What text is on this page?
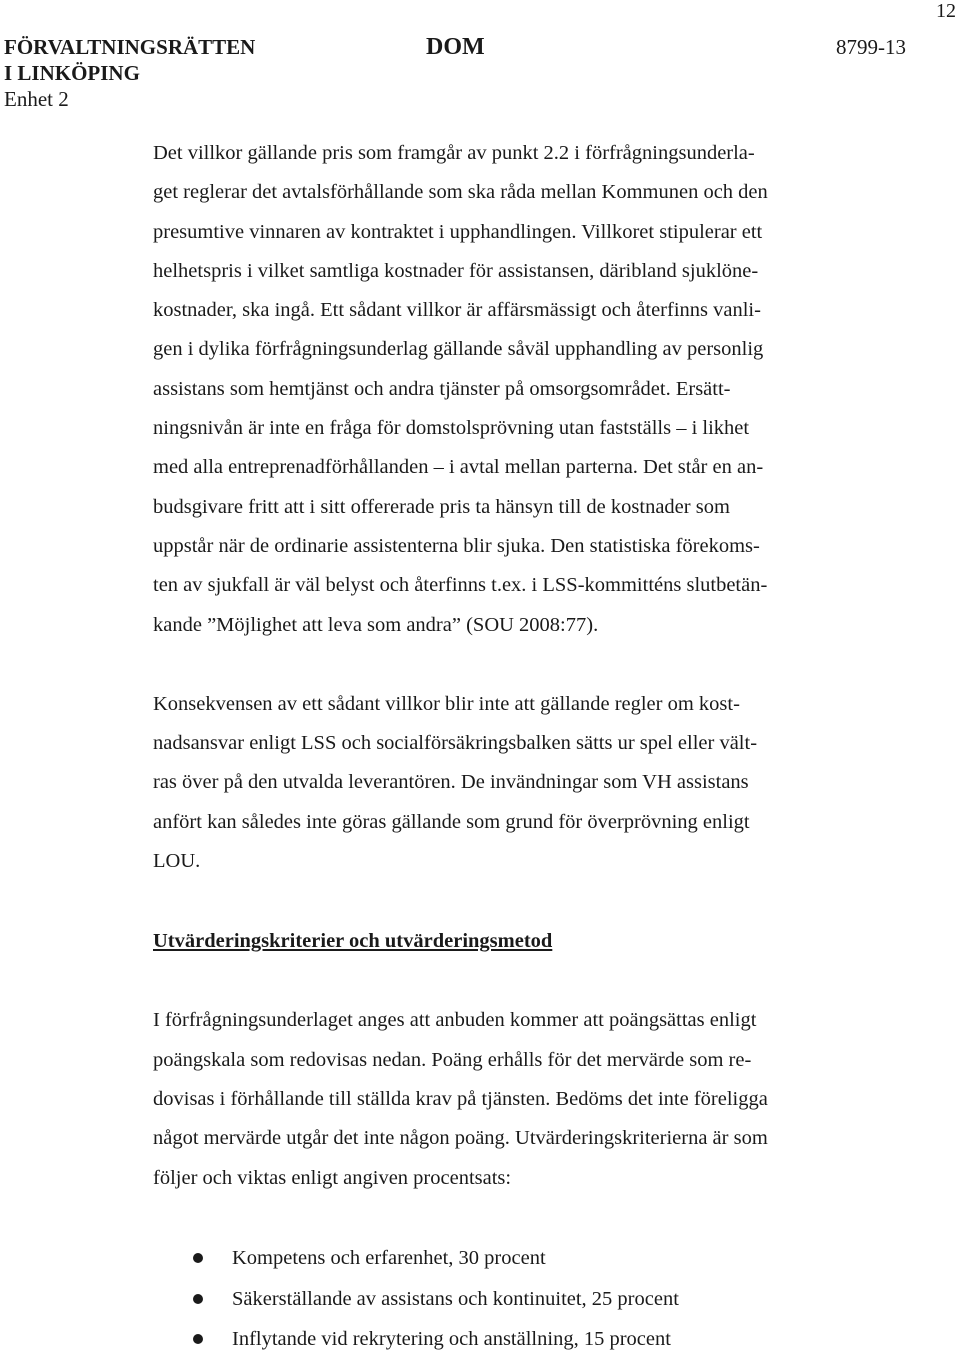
12
FÖRVALTNINGSRÄTTEN
I LINKÖPING
Enhet 2
DOM	8799-13
Det villkor gällande pris som framgår av punkt 2.2 i förfrågningsunderla-
get reglerar det avtalsförhållande som ska råda mellan Kommunen och den
presumtive vinnaren av kontraktet i upphandlingen. Villkoret stipulerar ett
helhetspris i vilket samtliga kostnader för assistansen, däribland sjuklöne-
kostnader, ska ingå. Ett sådant villkor är affärsmässigt och återfinns vanli-
gen i dylika förfrågningsunderlag gällande såväl upphandling av personlig
assistans som hemtjänst och andra tjänster på omsorgsområdet. Ersätt-
ningsnivån är inte en fråga för domstolsprövning utan fastställs – i likhet
med alla entreprenadförhållanden – i avtal mellan parterna. Det står en an-
budsgivare fritt att i sitt offererade pris ta hänsyn till de kostnader som
uppstår när de ordinarie assistenterna blir sjuka. Den statistiska förekoms-
ten av sjukfall är väl belyst och återfinns t.ex. i LSS-kommitténs slutbetän-
kande ”Möjlighet att leva som andra” (SOU 2008:77).
Konsekvensen av ett sådant villkor blir inte att gällande regler om kost-
nadsansvar enligt LSS och socialförsäkringsbalken sätts ur spel eller vält-
ras över på den utvalda leverantören. De invändningar som VH assistans
anfört kan således inte göras gällande som grund för överprövning enligt
LOU.
Utvärderingskriterier och utvärderingsmetod
I förfrågningsunderlaget anges att anbuden kommer att poängsättas enligt
poängskala som redovisas nedan. Poäng erhålls för det mervärde som re-
dovisas i förhållande till ställda krav på tjänsten. Bedöms det inte föreligga
något mervärde utgår det inte någon poäng. Utvärderingskriterierna är som
följer och viktas enligt angiven procentsats:
Kompetens och erfarenhet, 30 procent
Säkerställande av assistans och kontinuitet, 25 procent
Inflytande vid rekrytering och anställning, 15 procent
